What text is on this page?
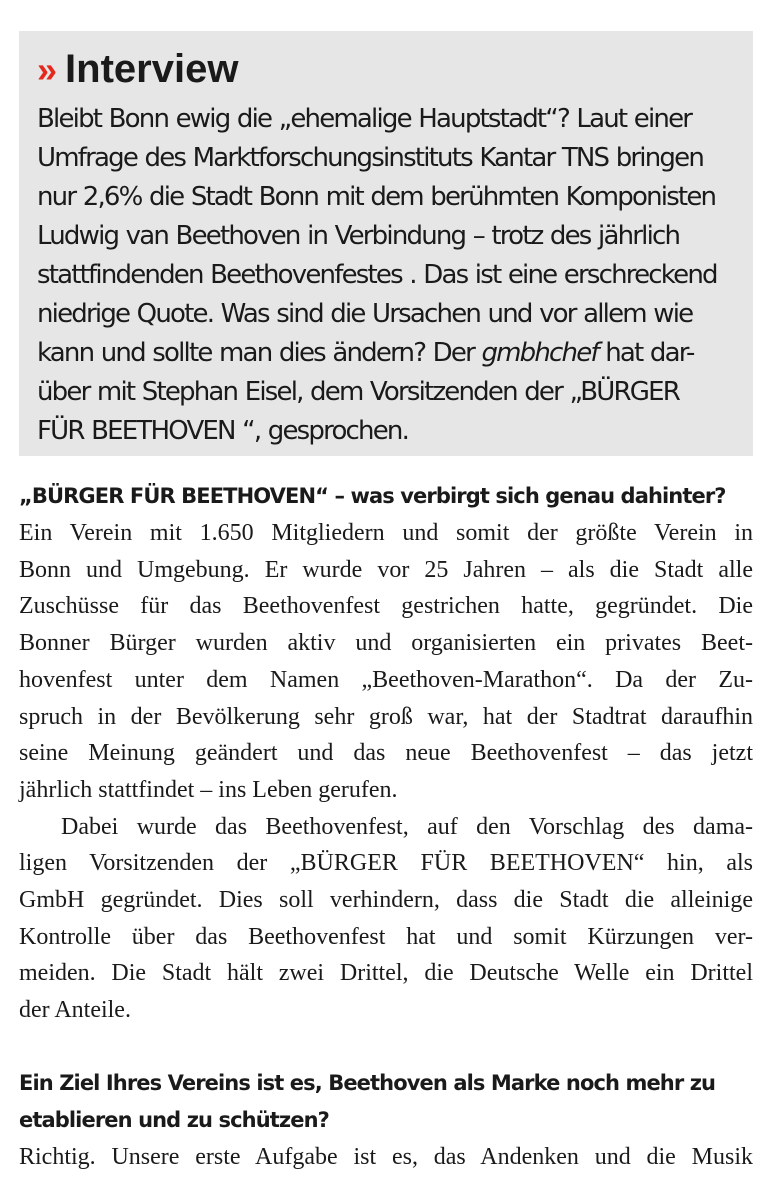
» Interview

Bleibt Bonn ewig die „ehemalige Hauptstadt“? Laut einer
Umfrage des Marktforschungsinstituts Kantar TNS bringen
nur 2,6% die Stadt Bonn mit dem berühmten Komponisten
Ludwig van Beethoven in Verbindung – trotz des jährlich
stattfindenden Beethovenfestes . Das ist eine erschreckend
niedrige Quote. Was sind die Ursachen und vor allem wie
kann und sollte man dies ändern? Der gmbhchef hat dar-
über mit Stephan Eisel, dem Vorsitzenden der „BÜRGER
FÜR BEETHOVEN “, gesprochen.

„BÜRGER FÜR BEETHOVEN“ – was verbirgt sich genau dahinter?

Ein Verein mit 1.650 Mitgliedern und somit der größte Verein in
Bonn und Umgebung. Er wurde vor 25 Jahren – als die Stadt alle
Zuschüsse für das Beethovenfest gestrichen hatte, gegründet. Die
Bonner Bürger wurden aktiv und organisierten ein privates Beet-
hovenfest unter dem Namen „Beethoven-Marathon“. Da der Zu-
spruch in der Bevölkerung sehr groß war, hat der Stadtrat daraufhin
seine Meinung geändert und das neue Beethovenfest – das jetzt
jährlich stattfindet – ins Leben gerufen.

Dabei wurde das Beethovenfest, auf den Vorschlag des dama-
ligen Vorsitzenden der „BÜRGER FÜR BEETHOVEN“ hin, als
GmbH gegründet. Dies soll verhindern, dass die Stadt die alleinige
Kontrolle über das Beethovenfest hat und somit Kürzungen ver-
meiden. Die Stadt hält zwei Drittel, die Deutsche Welle ein Drittel
der Anteile.

Ein Ziel Ihres Vereins ist es, Beethoven als Marke noch mehr zu
etablieren und zu schützen?

Richtig. Unsere erste Aufgabe ist es, das Andenken und die Musik
